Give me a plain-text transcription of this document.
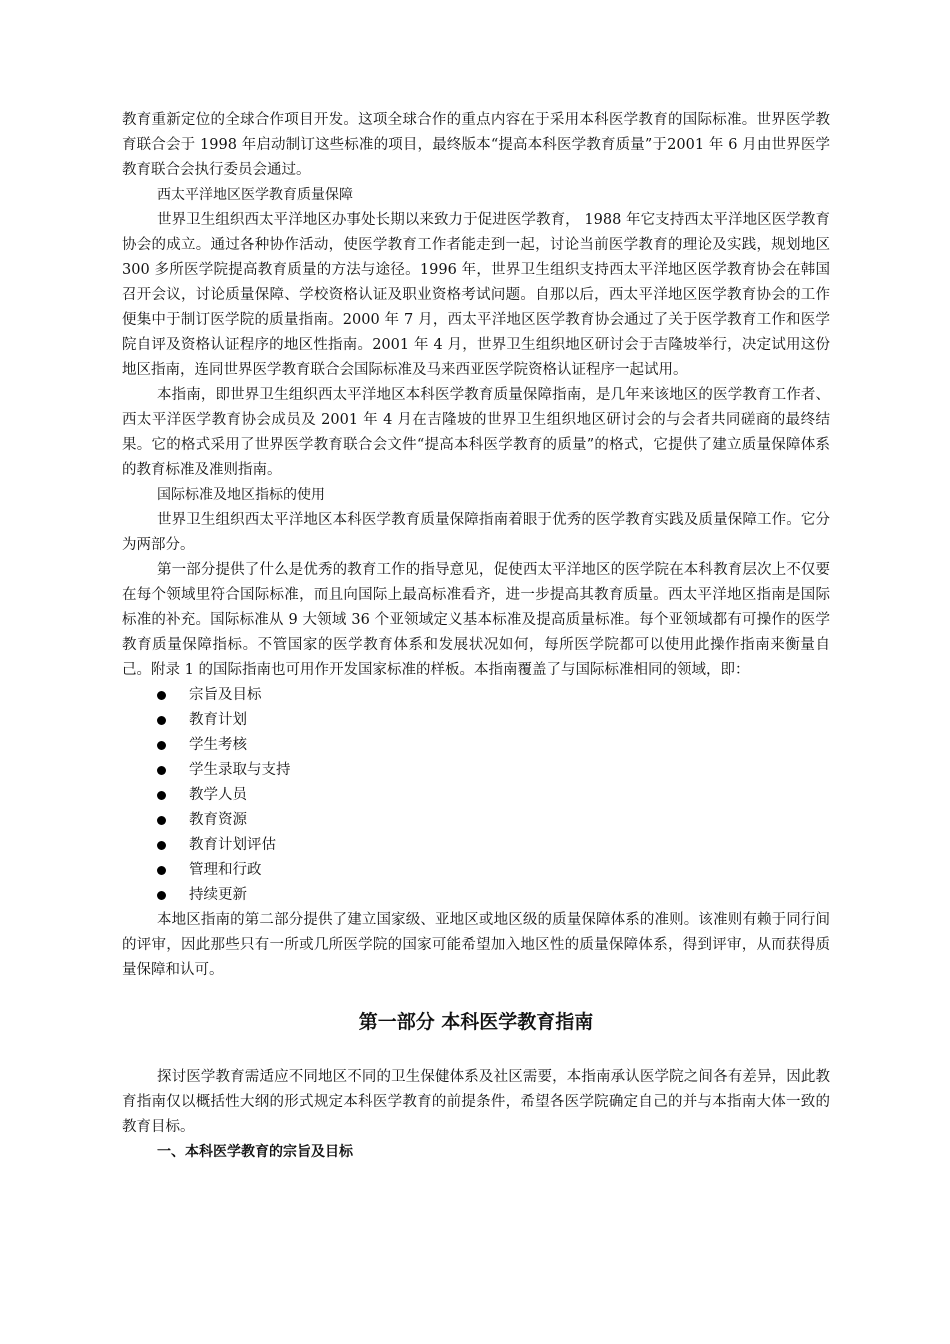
教育重新定位的全球合作项目开发。这项全球合作的重点内容在于采用本科医学教育的国际标准。世界医学教育联合会于 1998 年启动制订这些标准的项目，最终版本“提高本科医学教育质量”于2001 年 6 月由世界医学教育联合会执行委员会通过。

西太平洋地区医学教育质量保障

世界卫生组织西太平洋地区办事处长期以来致力于促进医学教育， 1988 年它支持西太平洋地区医学教育协会的成立。通过各种协作活动，使医学教育工作者能走到一起，讨论当前医学教育的理论及实践，规划地区 300 多所医学院提高教育质量的方法与途径。1996 年，世界卫生组织支持西太平洋地区医学教育协会在韩国召开会议，讨论质量保障、学校资格认证及职业资格考试问题。自那以后，西太平洋地区医学教育协会的工作便集中于制订医学院的质量指南。2000 年 7 月，西太平洋地区医学教育协会通过了关于医学教育工作和医学院自评及资格认证程序的地区性指南。2001 年 4 月，世界卫生组织地区研讨会于吉隆坡举行，决定试用这份地区指南，连同世界医学教育联合会国际标准及马来西亚医学院资格认证程序一起试用。

本指南，即世界卫生组织西太平洋地区本科医学教育质量保障指南，是几年来该地区的医学教育工作者、西太平洋医学教育协会成员及 2001 年 4 月在吉隆坡的世界卫生组织地区研讨会的与会者共同磋商的最终结果。它的格式采用了世界医学教育联合会文件“提高本科医学教育的质量”的格式，它提供了建立质量保障体系的教育标准及准则指南。

国际标准及地区指标的使用

世界卫生组织西太平洋地区本科医学教育质量保障指南着眼于优秀的医学教育实践及质量保障工作。它分为两部分。

第一部分提供了什么是优秀的教育工作的指导意见，促使西太平洋地区的医学院在本科教育层次上不仅要在每个领域里符合国际标准，而且向国际上最高标准看齐，进一步提高其教育质量。西太平洋地区指南是国际标准的补充。国际标准从 9 大领域 36 个亚领域定义基本标准及提高质量标准。每个亚领域都有可操作的医学教育质量保障指标。不管国家的医学教育体系和发展状况如何，每所医学院都可以使用此操作指南来衡量自己。附录 1 的国际指南也可用作开发国家标准的样板。本指南覆盖了与国际标准相同的领域，即：

宗旨及目标
教育计划
学生考核
学生录取与支持
教学人员
教育资源
教育计划评估
管理和行政
持续更新

本地区指南的第二部分提供了建立国家级、亚地区或地区级的质量保障体系的准则。该准则有赖于同行间的评审，因此那些只有一所或几所医学院的国家可能希望加入地区性的质量保障体系，得到评审，从而获得质量保障和认可。

第一部分 本科医学教育指南

探讨医学教育需适应不同地区不同的卫生保健体系及社区需要，本指南承认医学院之间各有差异，因此教育指南仅以概括性大纲的形式规定本科医学教育的前提条件，希望各医学院确定自己的并与本指南大体一致的教育目标。

一、本科医学教育的宗旨及目标
